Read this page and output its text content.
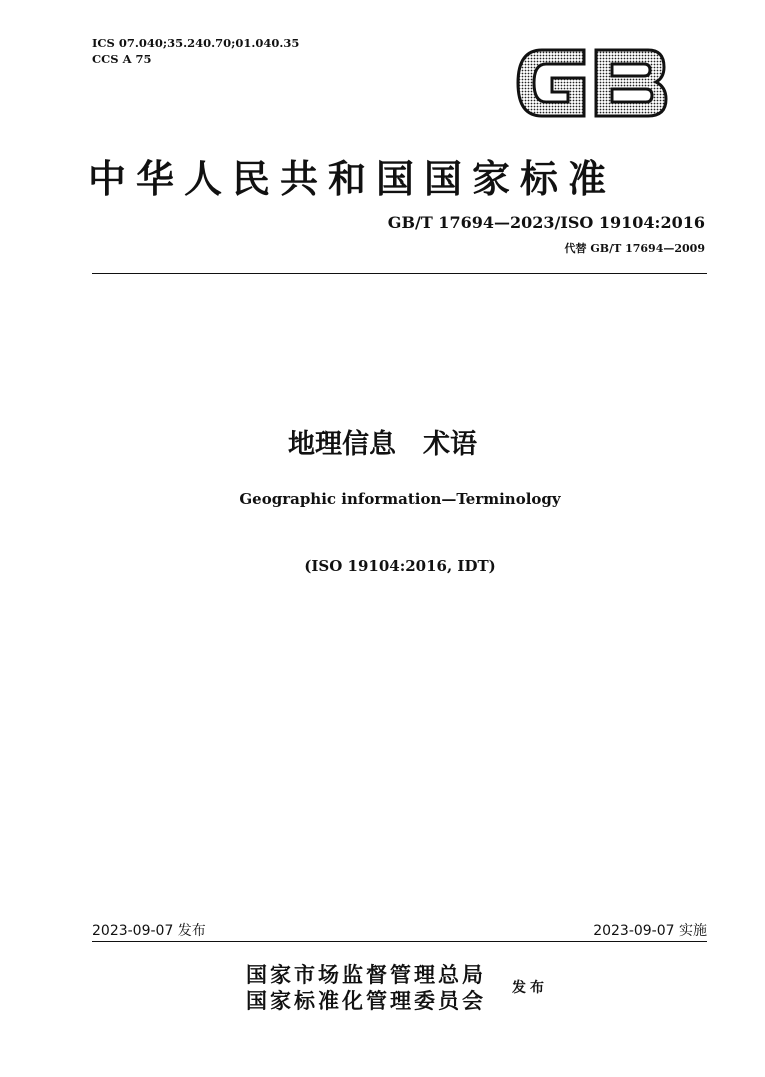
ICS 07.040;35.240.70;01.040.35
CCS A 75
GB
中华人民共和国国家标准
GB/T 17694—2023/ISO 19104:2016
代替 GB/T 17694—2009
地理信息　术语
Geographic information—Terminology
(ISO 19104:2016, IDT)
2023-09-07 发布	2023-09-07 实施
国家市场监督管理总局
国家标准化管理委员会 发布
